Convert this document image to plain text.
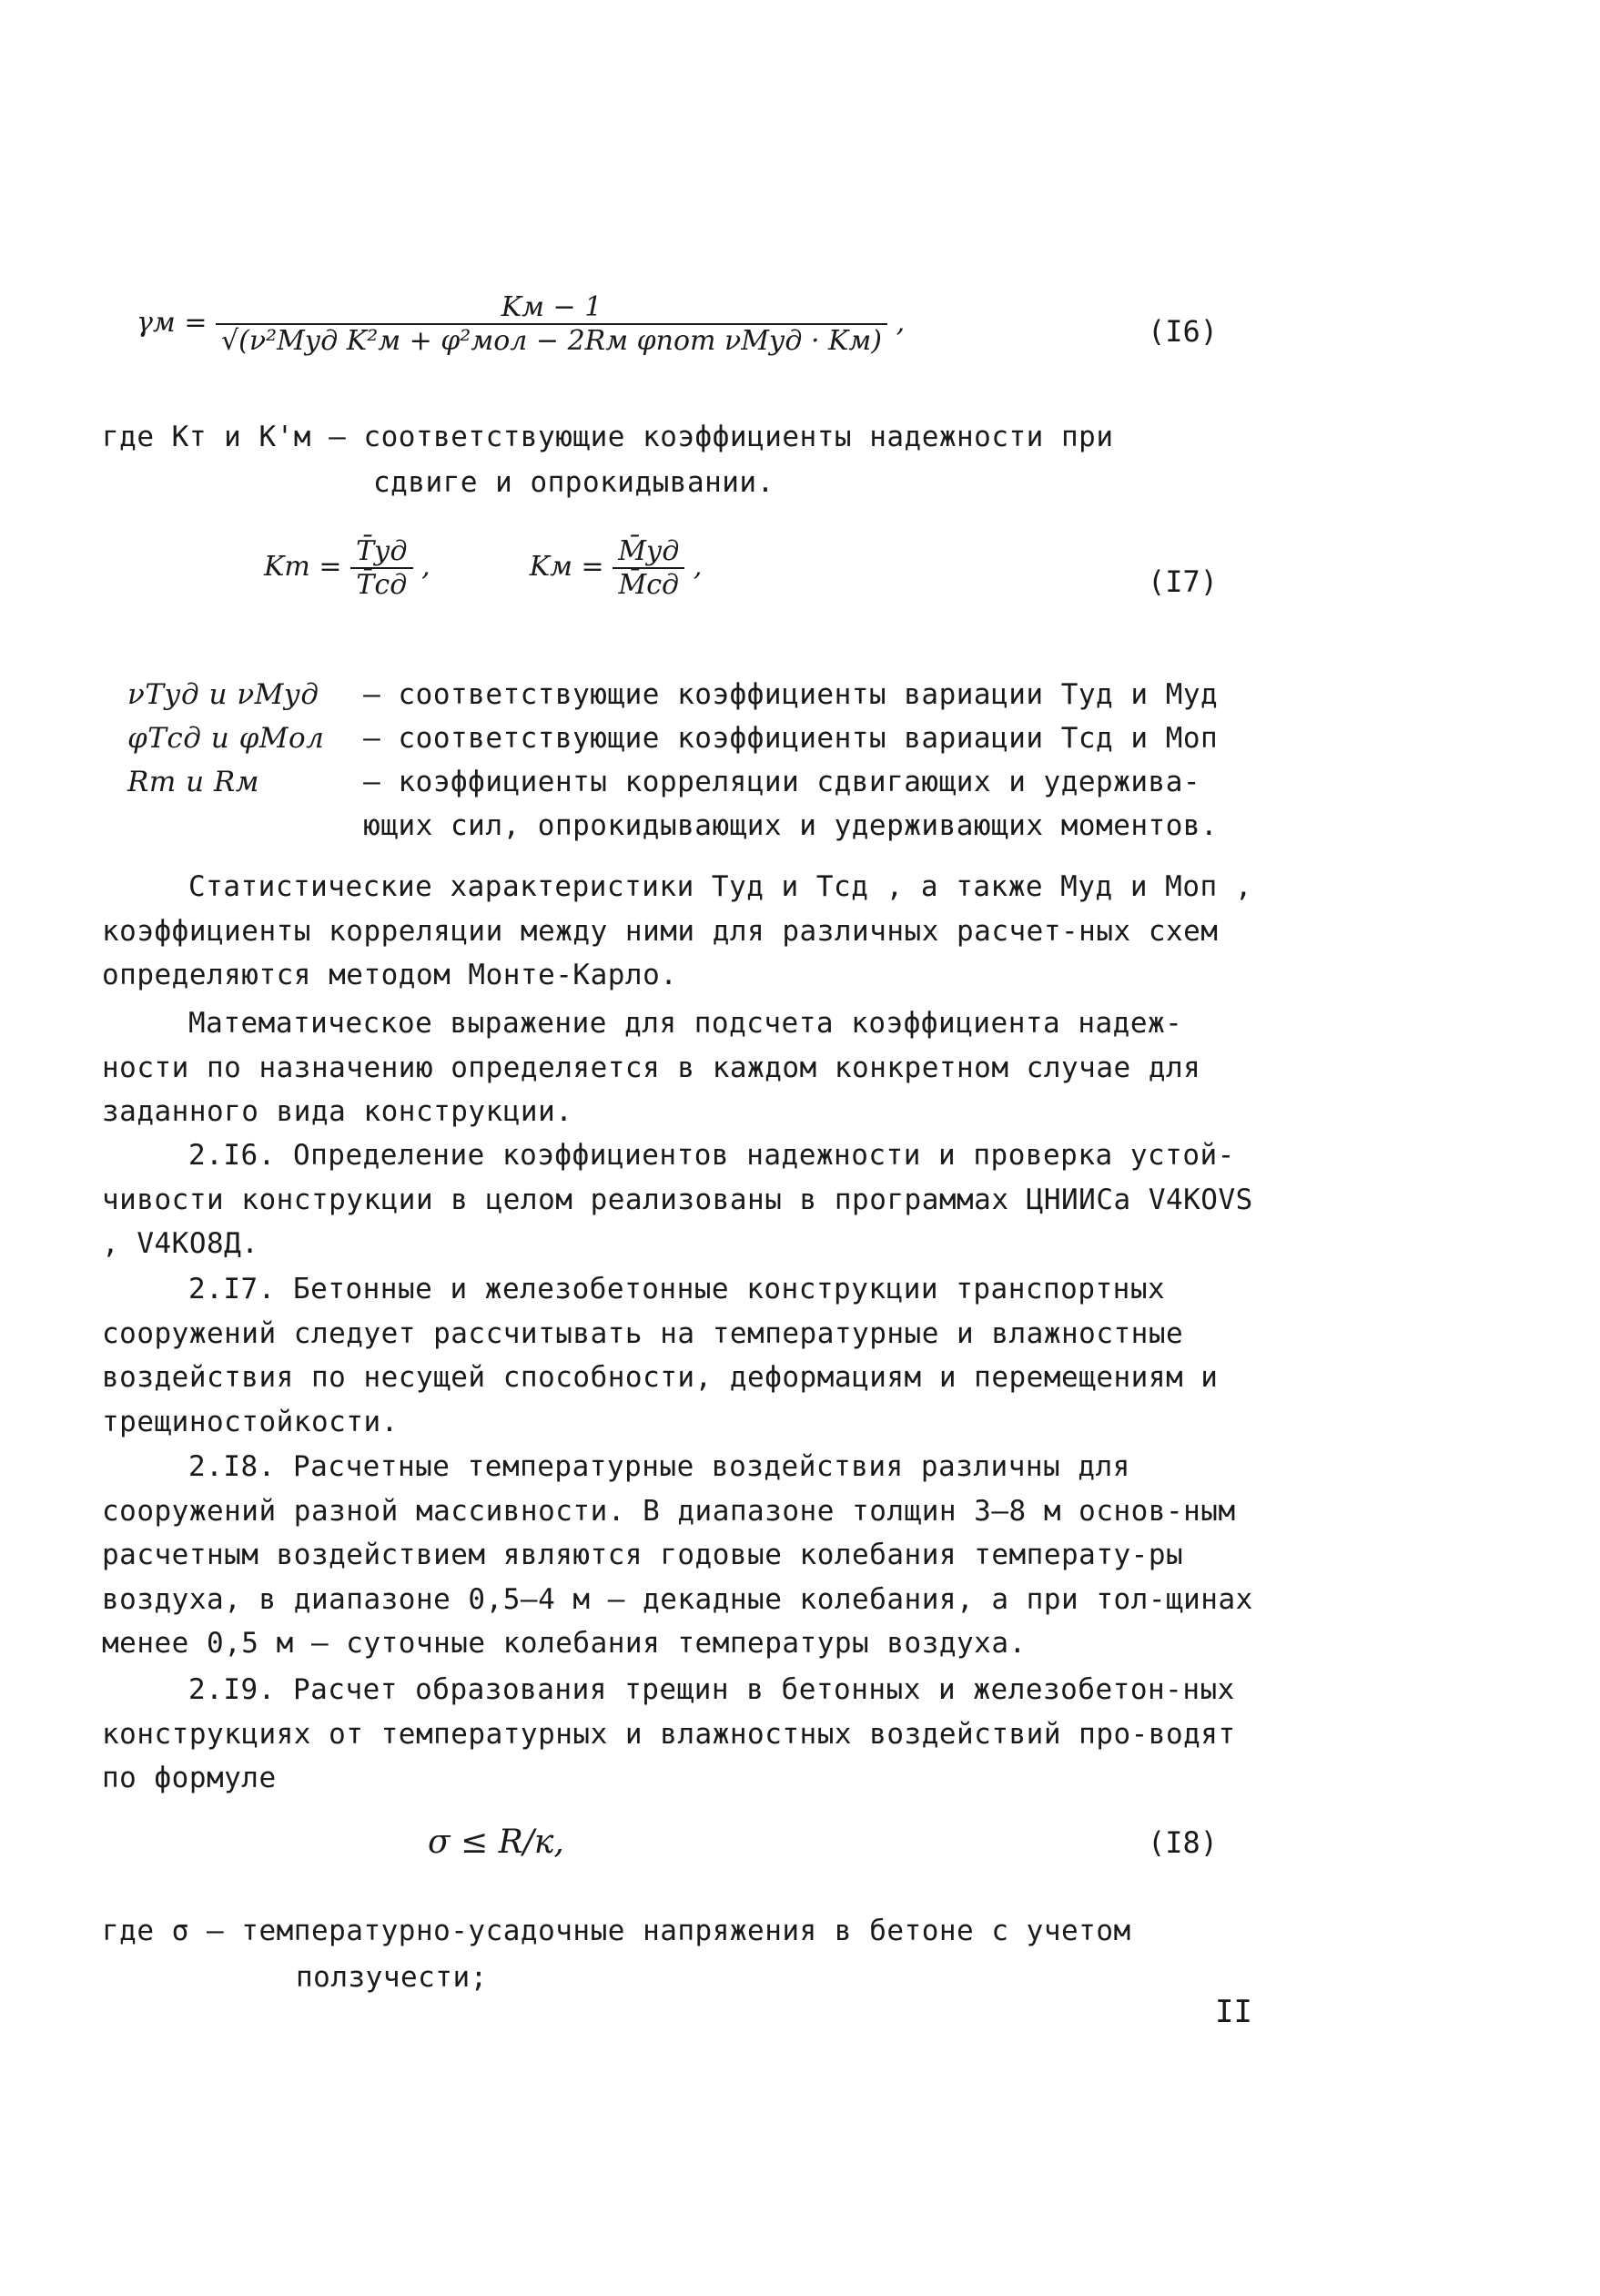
$\gamma м = \frac{Kм - 1}{\text{√(ν²Mуд K²м + φ²мол − 2Rм φпот νMуд · Kм)}}$ ,	(I6)
где Kт и K'м – соответствующие коэффициенты надежности при
сдвиге и опрокидывании.
Kт = $\frac{T̄уд}{T̄сд}$ ,	Kм = $\frac{M̄уд}{M̄сд}$ ,	(I7)
νTуд и νMуд – соответствующие коэффициенты вариации Tуд и Mуд
φTсд и φMол – соответствующие коэффициенты вариации Tсд и Mоп
Rт и Rм	– коэффициенты корреляции сдвигающих и удержива-
ющих сил, опрокидывающих и удерживающих моментов.
Статистические характеристики Tуд и Tсд , а также Mуд и Mоп , коэффициенты корреляции между ними для различных расчет-ных схем определяются методом Монте-Карло.
Математическое выражение для подсчета коэффициента надеж-ности по назначению определяется в каждом конкретном случае для заданного вида конструкции.
2.I6. Определение коэффициентов надежности и проверка устой-чивости конструкции в целом реализованы в программах ЦНИИСа V4KOVS , V4KO8Д.
2.I7. Бетонные и железобетонные конструкции транспортных сооружений следует рассчитывать на температурные и влажностные воздействия по несущей способности, деформациям и перемещениям и трещиностойкости.
2.I8. Расчетные температурные воздействия различны для сооружений разной массивности. В диапазоне толщин 3–8 м основ-ным расчетным воздействием являются годовые колебания температу-ры воздуха, в диапазоне 0,5–4 м – декадные колебания, а при тол-щинах менее 0,5 м – суточные колебания температуры воздуха.
2.I9. Расчет образования трещин в бетонных и железобетон-ных конструкциях от температурных и влажностных воздействий про-водят по формуле
σ ≤ R/к,	(I8)
где σ – температурно-усадочные напряжения в бетоне с учетом
ползучести;
II
